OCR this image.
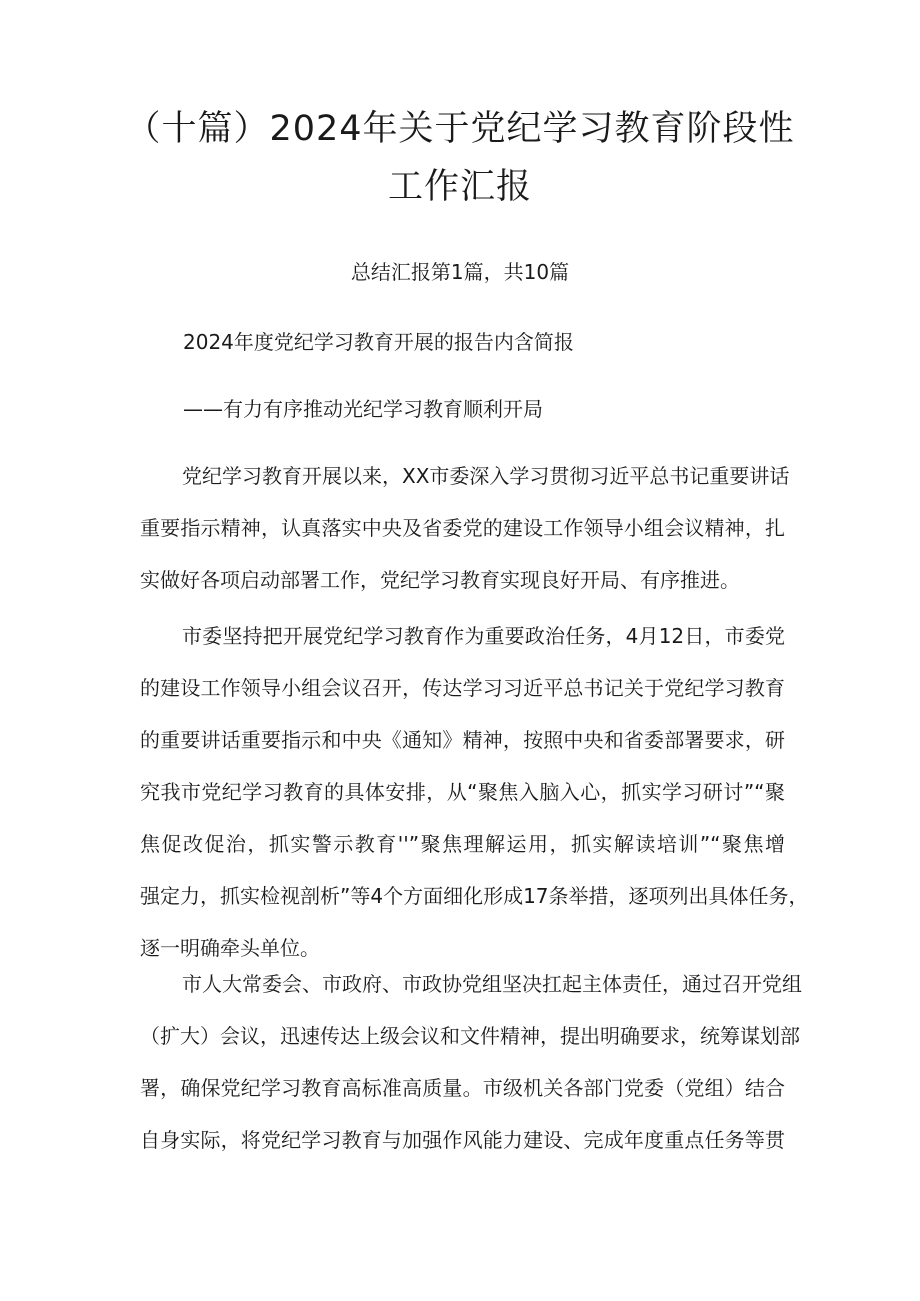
（十篇）2024年关于党纪学习教育阶段性
工作汇报

总结汇报第1篇，共10篇

2024年度党纪学习教育开展的报告内含简报

——有力有序推动光纪学习教育顺利开局

党纪学习教育开展以来，XX市委深入学习贯彻习近平总书记重要讲话
重要指示精神，认真落实中央及省委党的建设工作领导小组会议精神，扎
实做好各项启动部署工作，党纪学习教育实现良好开局、有序推进。
市委坚持把开展党纪学习教育作为重要政治任务，4月12日，市委党
的建设工作领导小组会议召开，传达学习习近平总书记关于党纪学习教育
的重要讲话重要指示和中央《通知》精神，按照中央和省委部署要求，研
究我市党纪学习教育的具体安排，从“聚焦入脑入心，抓实学习研讨”“聚
焦促改促治，抓实警示教育''”聚焦理解运用，抓实解读培训”“聚焦增
强定力，抓实检视剖析”等4个方面细化形成17条举措，逐项列出具体任务，
逐一明确牵头单位。
市人大常委会、市政府、市政协党组坚决扛起主体责任，通过召开党组
（扩大）会议，迅速传达上级会议和文件精神，提出明确要求，统筹谋划部
署，确保党纪学习教育高标准高质量。市级机关各部门党委（党组）结合
自身实际，将党纪学习教育与加强作风能力建设、完成年度重点任务等贯
